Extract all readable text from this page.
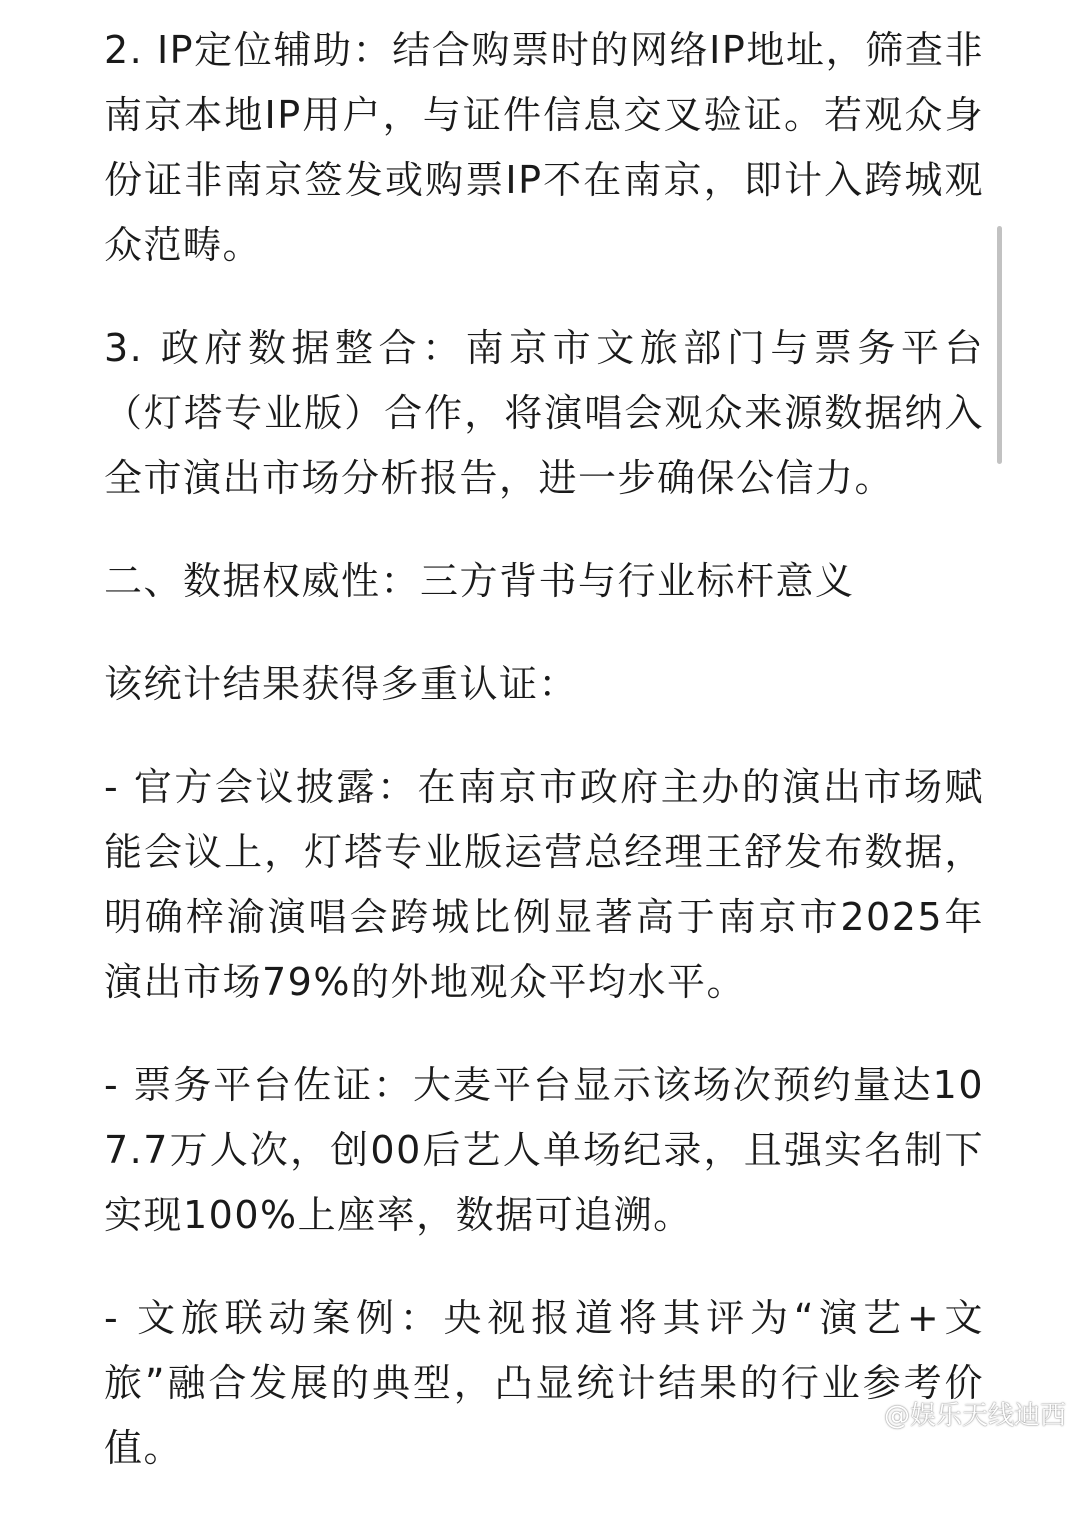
2. IP定位辅助：结合购票时的网络IP地址，筛查非南京本地IP用户，与证件信息交叉验证。若观众身份证非南京签发或购票IP不在南京，即计入跨城观众范畴。

3. 政府数据整合：南京市文旅部门与票务平台（灯塔专业版）合作，将演唱会观众来源数据纳入全市演出市场分析报告，进一步确保公信力。

二、数据权威性：三方背书与行业标杆意义

该统计结果获得多重认证：

- 官方会议披露：在南京市政府主办的演出市场赋能会议上，灯塔专业版运营总经理王舒发布数据，明确梓渝演唱会跨城比例显著高于南京市2025年演出市场79%的外地观众平均水平。

- 票务平台佐证：大麦平台显示该场次预约量达107.7万人次，创00后艺人单场纪录，且强实名制下实现100%上座率，数据可追溯。

- 文旅联动案例：央视报道将其评为“演艺+文旅”融合发展的典型，凸显统计结果的行业参考价值。

@娱乐天线迪西
